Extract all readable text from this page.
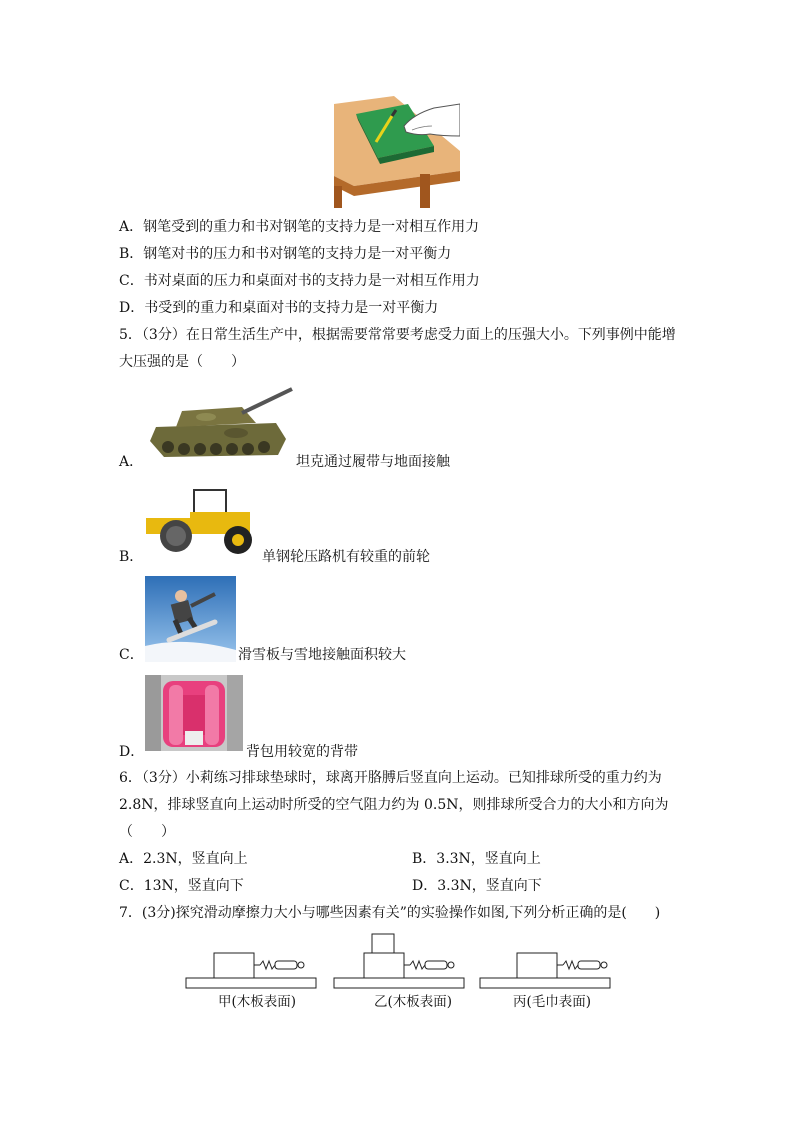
A．钢笔受到的重力和书对钢笔的支持力是一对相互作用力
B．钢笔对书的压力和书对钢笔的支持力是一对平衡力
C．书对桌面的压力和桌面对书的支持力是一对相互作用力
D．书受到的重力和桌面对书的支持力是一对平衡力
5．（3分）在日常生活生产中，根据需要常常要考虑受力面上的压强大小。下列事例中能增
大压强的是（　　）
A．	坦克通过履带与地面接触
B．	单钢轮压路机有较重的前轮
C．	滑雪板与雪地接触面积较大
D．	背包用较宽的背带
6．（3分）小莉练习排球垫球时，球离开胳膊后竖直向上运动。已知排球所受的重力约为
2.8N，排球竖直向上运动时所受的空气阻力约为 0.5N，则排球所受合力的大小和方向为
（　　）
A．2.3N，竖直向上	B．3.3N，竖直向上
C．13N，竖直向下	D．3.3N，竖直向下
7．(3分)探究滑动摩擦力大小与哪些因素有关”的实验操作如图,下列分析正确的是(　　)
甲(木板表面)	乙(木板表面)	丙(毛巾表面)
